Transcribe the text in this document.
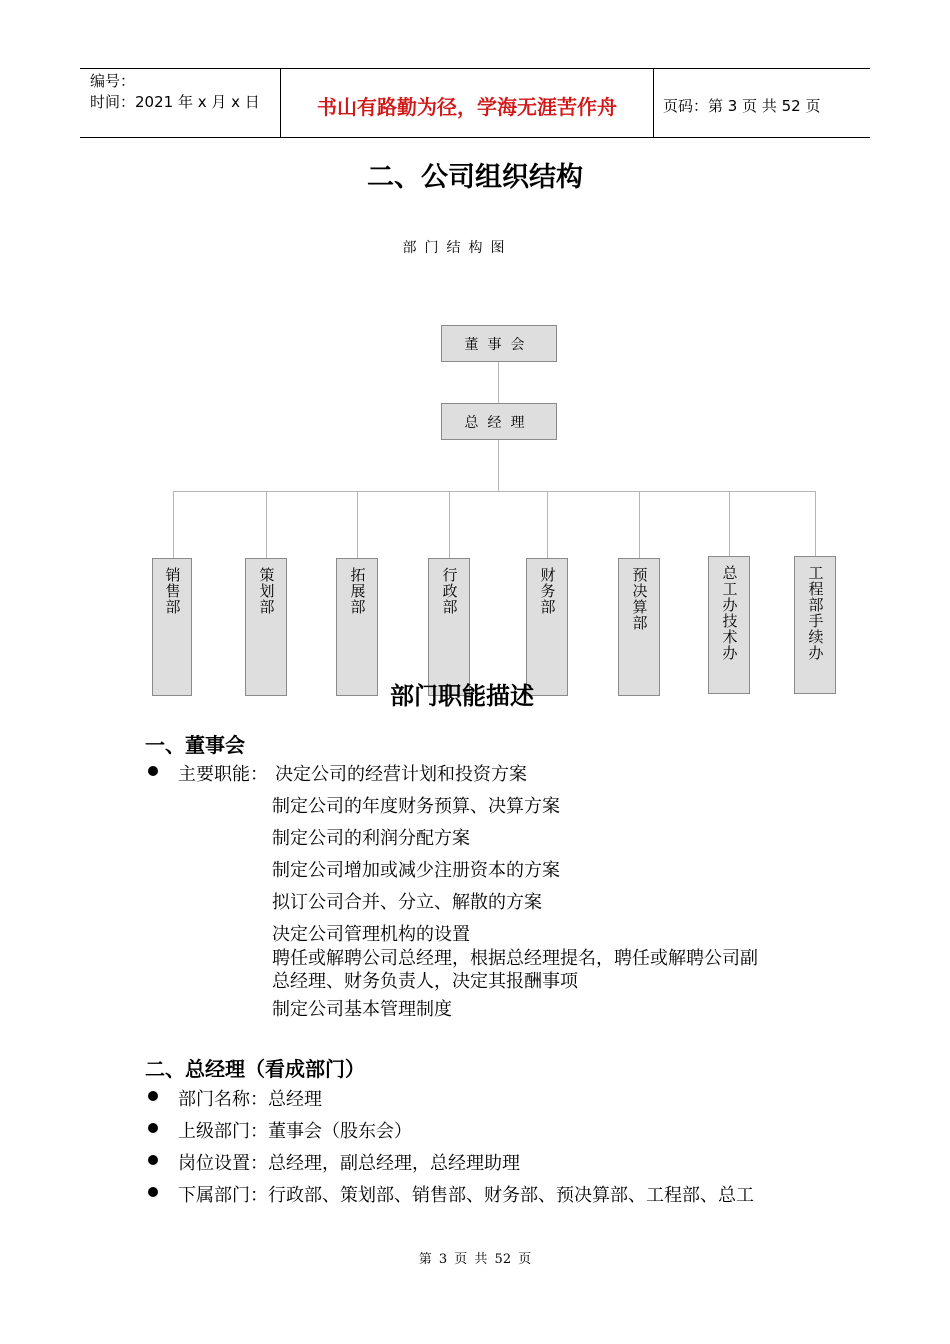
编号：
时间：2021 年 x 月 x 日	书山有路勤为径，学海无涯苦作舟	页码：第 3 页 共 52 页
二、公司组织结构
部门结构图
董事会
总经理
销售部	策划部	拓展部	行政部	财务部	预决算部	总工办技术办	工程部手续办
部门职能描述
一、董事会
主要职能： 决定公司的经营计划和投资方案
制定公司的年度财务预算、决算方案
制定公司的利润分配方案
制定公司增加或减少注册资本的方案
拟订公司合并、分立、解散的方案
决定公司管理机构的设置
聘任或解聘公司总经理，根据总经理提名，聘任或解聘公司副
总经理、财务负责人，决定其报酬事项
制定公司基本管理制度
二、总经理（看成部门）
部门名称：总经理
上级部门：董事会（股东会）
岗位设置：总经理，副总经理，总经理助理
下属部门：行政部、策划部、销售部、财务部、预决算部、工程部、总工
第 3 页 共 52 页
